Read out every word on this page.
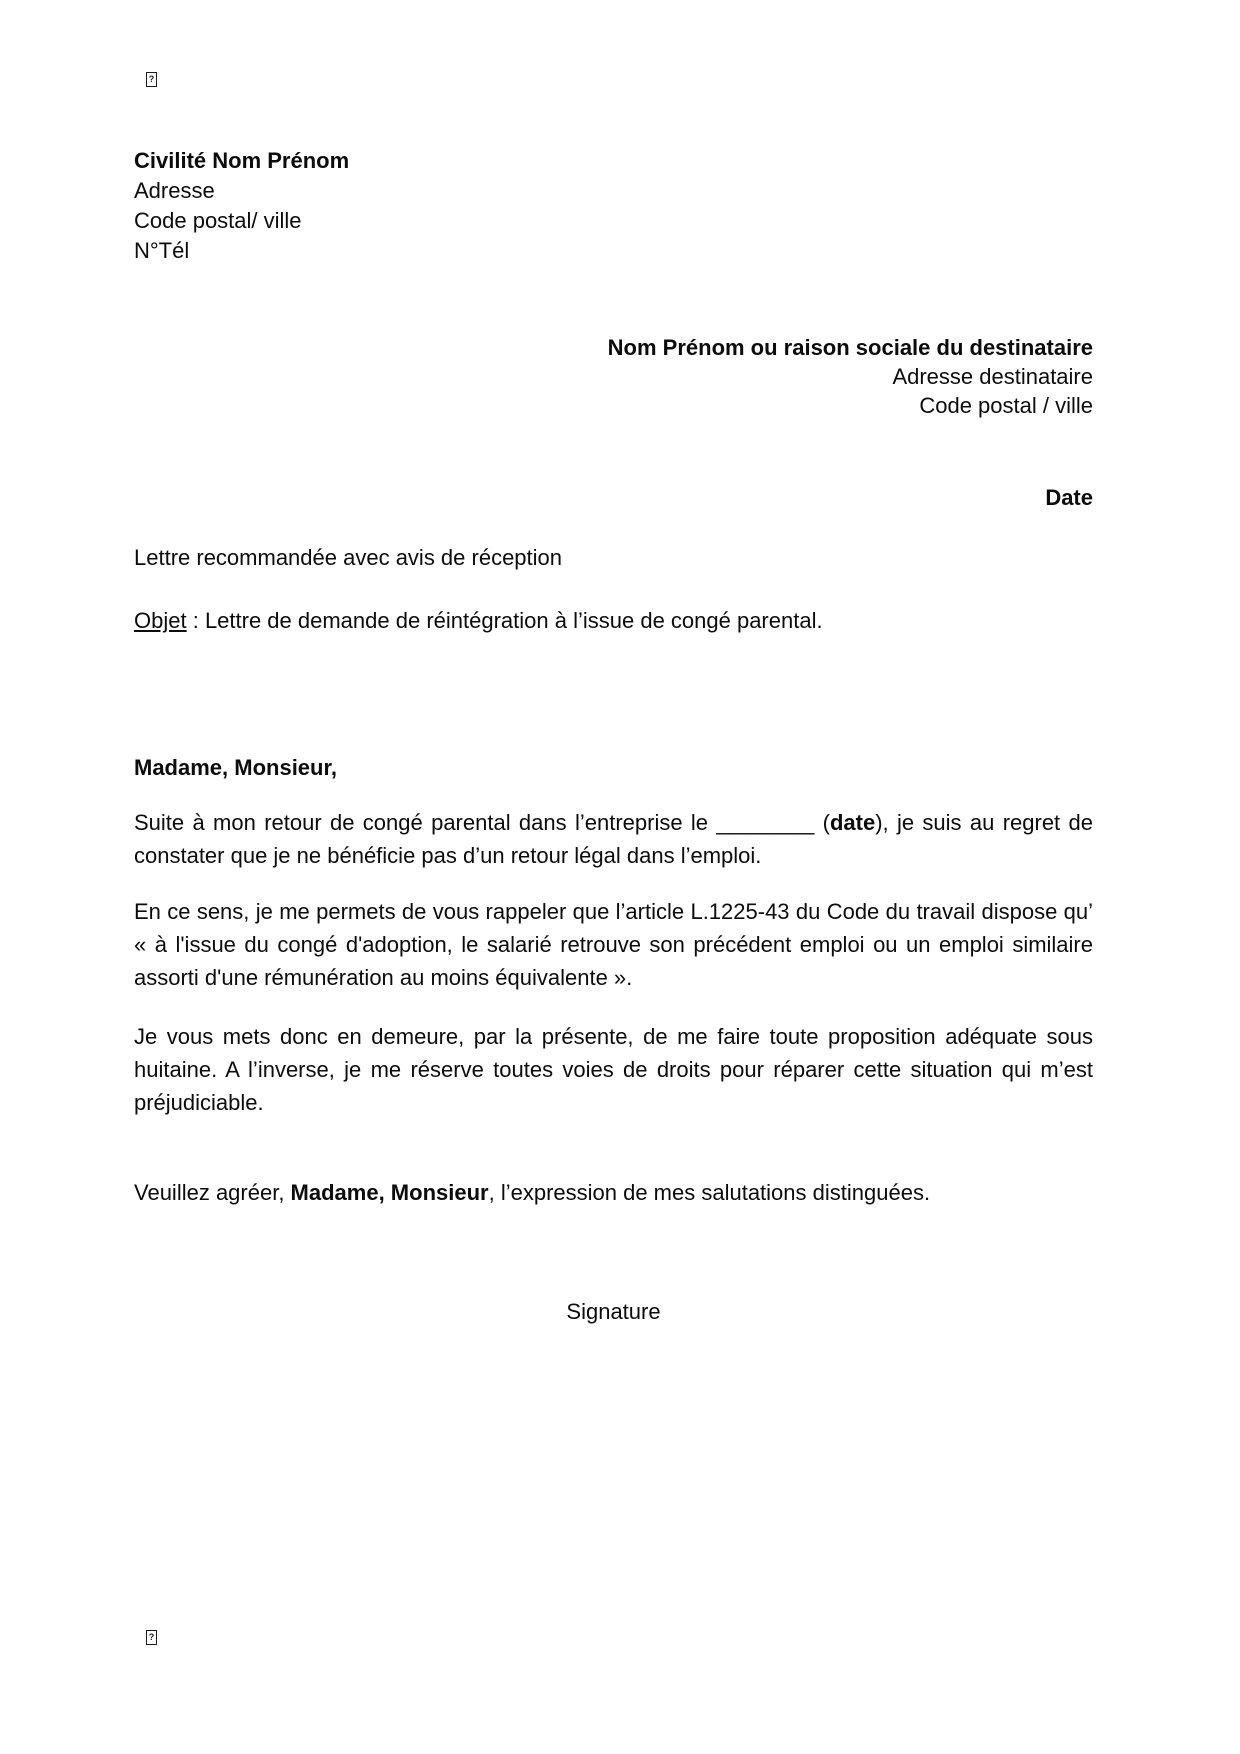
?
Civilité Nom Prénom
Adresse
Code postal/ ville
N°Tél
Nom Prénom ou raison sociale du destinataire
Adresse destinataire
Code postal / ville
Date
Lettre recommandée avec avis de réception
Objet : Lettre de demande de réintégration à l’issue de congé parental.
Madame, Monsieur,
Suite à mon retour de congé parental dans l’entreprise le ________ (date), je suis au regret de constater que je ne bénéficie pas d’un retour légal dans l’emploi.
En ce sens, je me permets de vous rappeler que l’article L.1225-43 du Code du travail dispose qu’ « à l'issue du congé d'adoption, le salarié retrouve son précédent emploi ou un emploi similaire assorti d'une rémunération au moins équivalente ».
Je vous mets donc en demeure, par la présente, de me faire toute proposition adéquate sous huitaine. A l’inverse, je me réserve toutes voies de droits pour réparer cette situation qui m’est préjudiciable.
Veuillez agréer, Madame, Monsieur, l’expression de mes salutations distinguées.
Signature
?
